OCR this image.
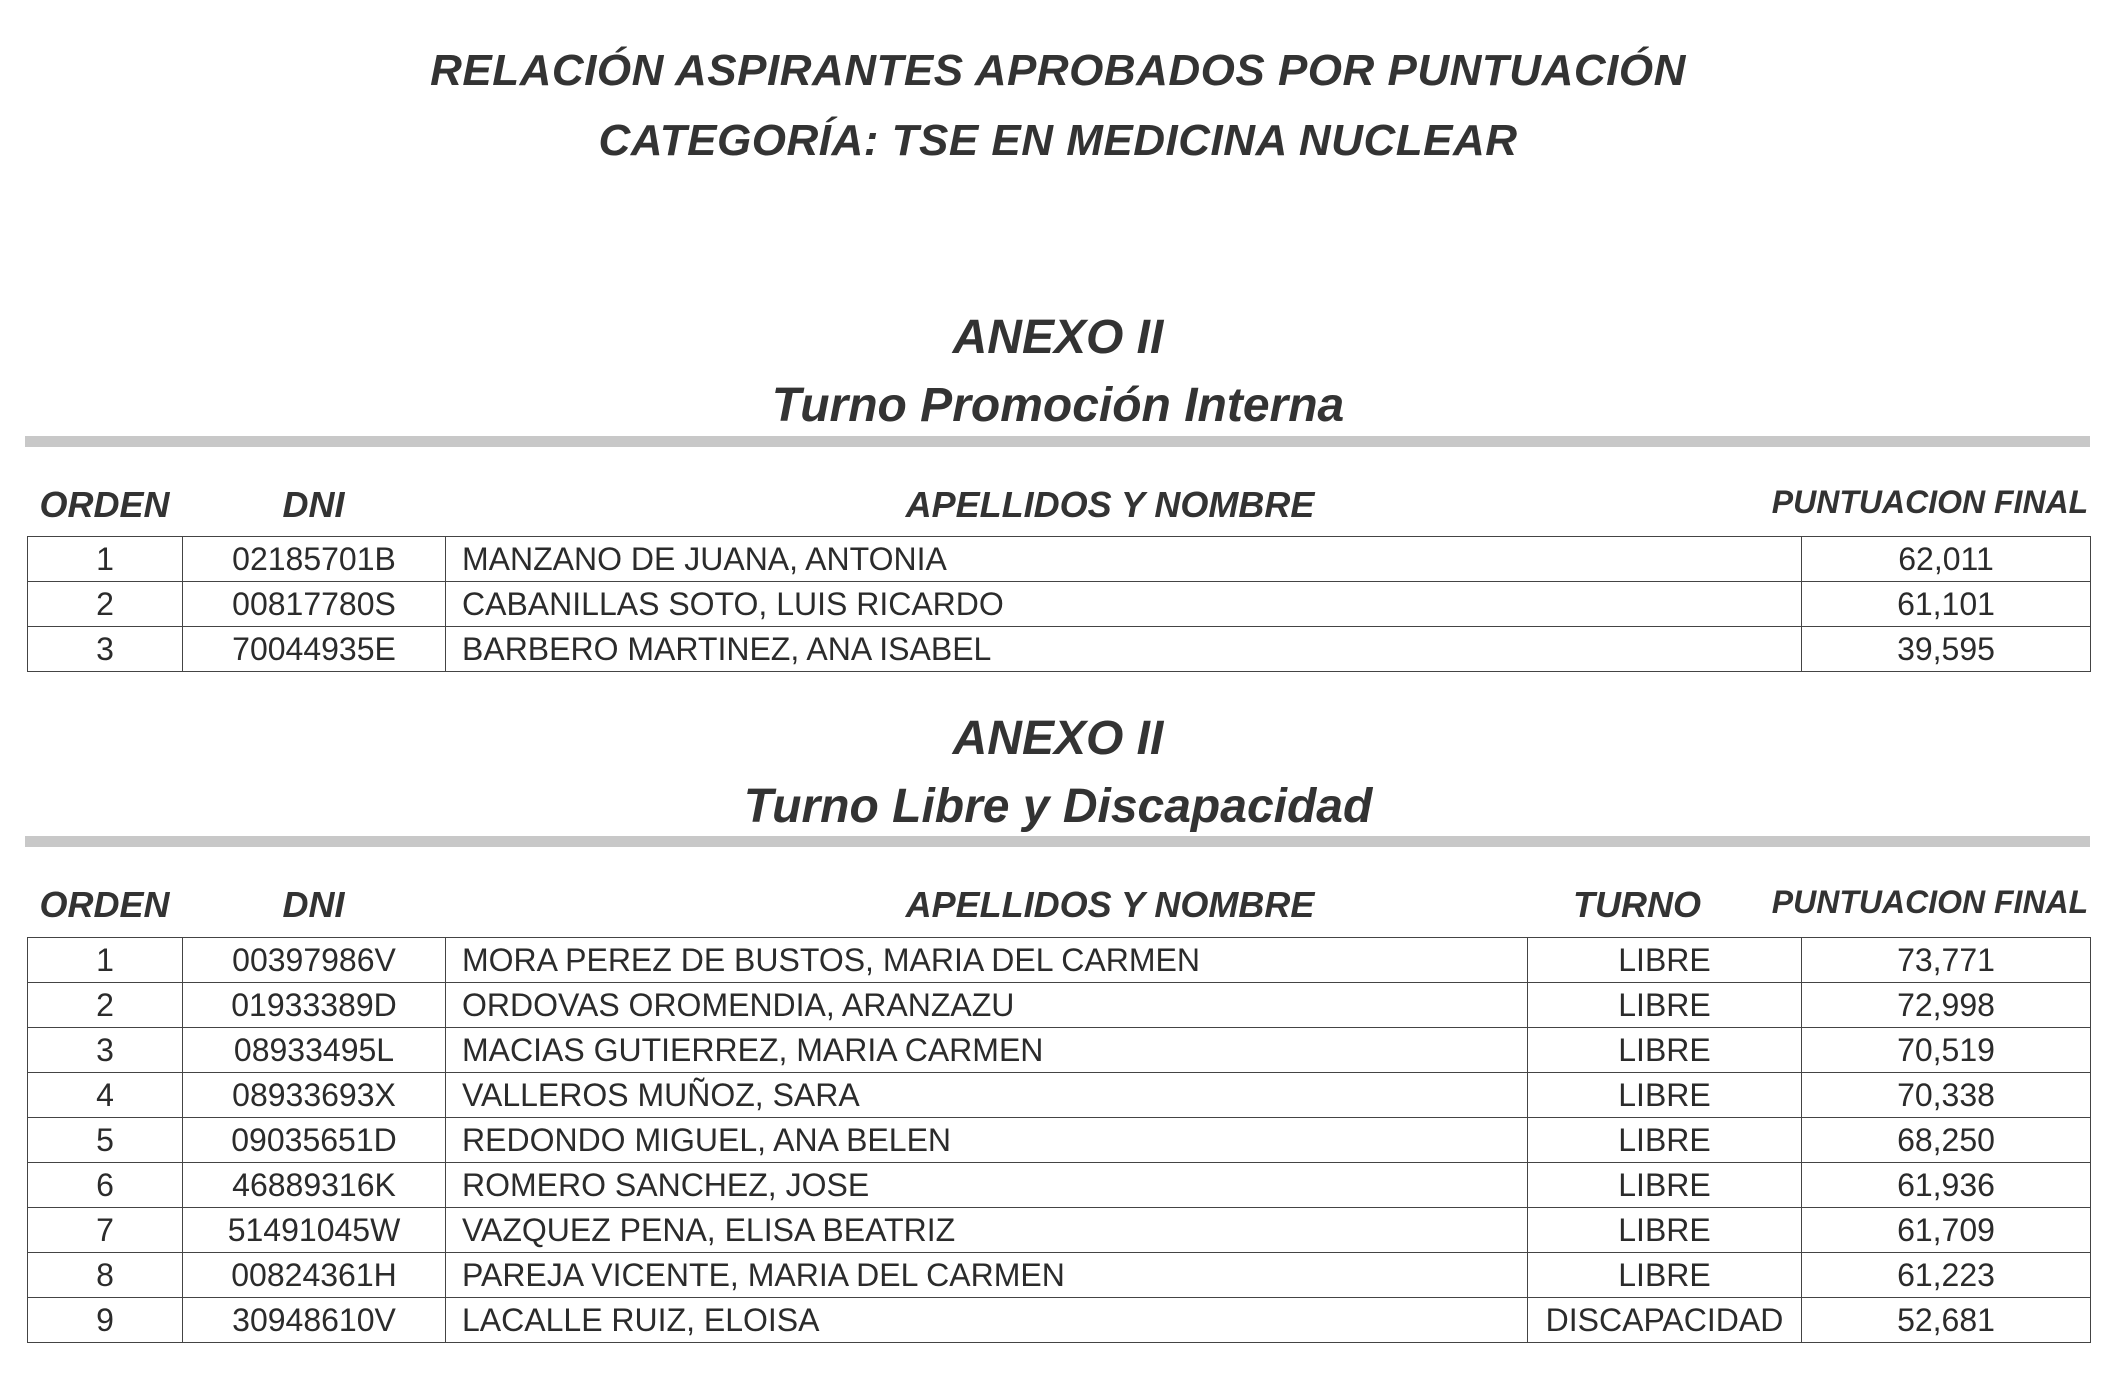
RELACIÓN ASPIRANTES APROBADOS POR PUNTUACIÓN
CATEGORÍA: TSE EN MEDICINA NUCLEAR
ANEXO II
Turno Promoción Interna
ORDEN	DNI	APELLIDOS Y NOMBRE	PUNTUACION FINAL
1	02185701B	MANZANO DE JUANA, ANTONIA	62,011
2	00817780S	CABANILLAS SOTO, LUIS RICARDO	61,101
3	70044935E	BARBERO MARTINEZ, ANA ISABEL	39,595
ANEXO II
Turno Libre y Discapacidad
ORDEN	DNI	APELLIDOS Y NOMBRE	TURNO	PUNTUACION FINAL
1	00397986V	MORA PEREZ DE BUSTOS, MARIA DEL CARMEN	LIBRE	73,771
2	01933389D	ORDOVAS OROMENDIA, ARANZAZU	LIBRE	72,998
3	08933495L	MACIAS GUTIERREZ, MARIA CARMEN	LIBRE	70,519
4	08933693X	VALLEROS MUÑOZ, SARA	LIBRE	70,338
5	09035651D	REDONDO MIGUEL, ANA BELEN	LIBRE	68,250
6	46889316K	ROMERO SANCHEZ, JOSE	LIBRE	61,936
7	51491045W	VAZQUEZ PENA, ELISA BEATRIZ	LIBRE	61,709
8	00824361H	PAREJA VICENTE, MARIA DEL CARMEN	LIBRE	61,223
9	30948610V	LACALLE RUIZ, ELOISA	DISCAPACIDAD	52,681
